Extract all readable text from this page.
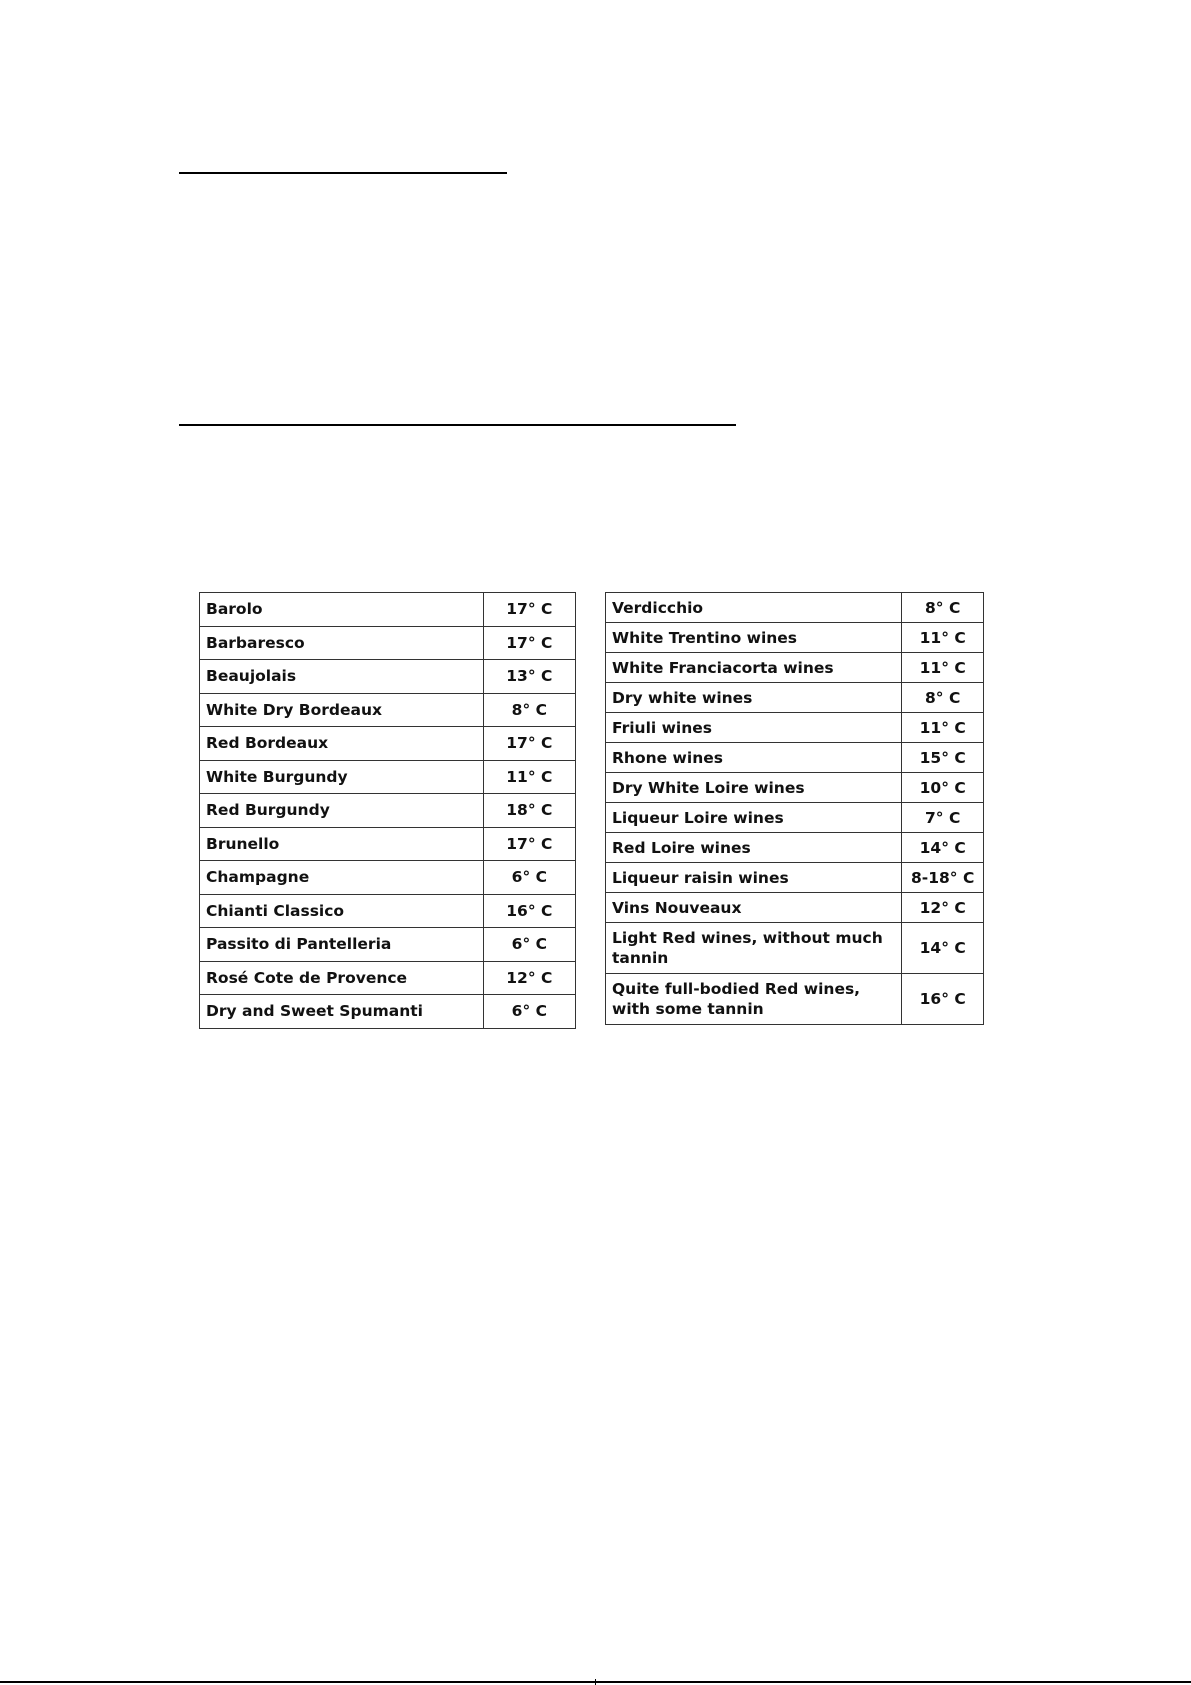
Barolo	17° C
Barbaresco	17° C
Beaujolais	13° C
White Dry Bordeaux	8° C
Red Bordeaux	17° C
White Burgundy	11° C
Red Burgundy	18° C
Brunello	17° C
Champagne	6° C
Chianti Classico	16° C
Passito di Pantelleria	6° C
Rosé Cote de Provence	12° C
Dry and Sweet Spumanti	6° C
Verdicchio	8° C
White Trentino wines	11° C
White Franciacorta wines	11° C
Dry white wines	8° C
Friuli wines	11° C
Rhone wines	15° C
Dry White Loire wines	10° C
Liqueur Loire wines	7° C
Red Loire wines	14° C
Liqueur raisin wines	8-18° C
Vins Nouveaux	12° C
Light Red wines, without much tannin	14° C
Quite full-bodied Red wines, with some tannin	16° C
